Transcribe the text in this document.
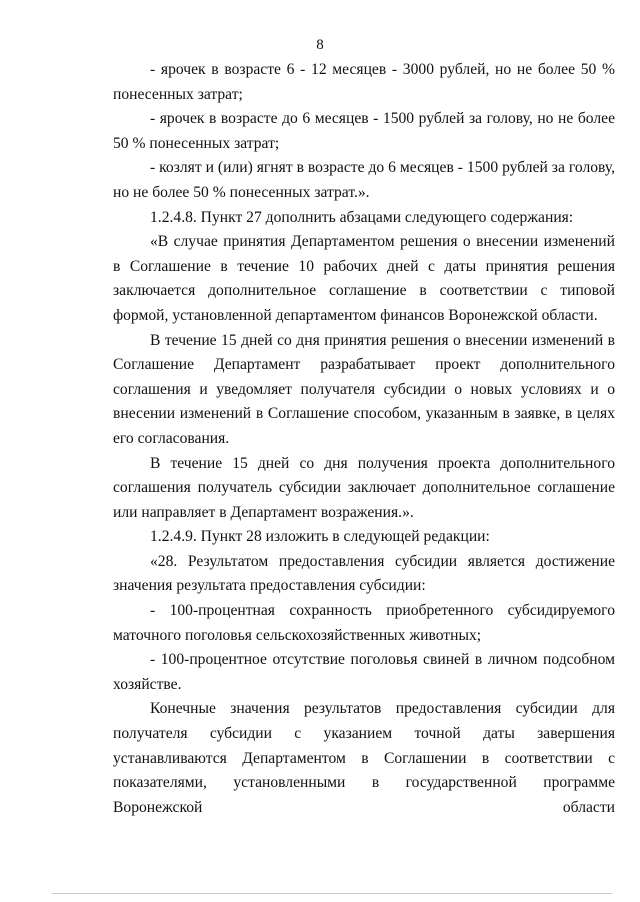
8

- ярочек в возрасте 6 - 12 месяцев - 3000 рублей, но не более 50 % понесенных затрат;

- ярочек в возрасте до 6 месяцев - 1500 рублей за голову, но не более 50 % понесенных затрат;

- козлят и (или) ягнят в возрасте до 6 месяцев - 1500 рублей за голову, но не более 50 % понесенных затрат.».

1.2.4.8. Пункт 27 дополнить абзацами следующего содержания:

«В случае принятия Департаментом решения о внесении изменений в Соглашение в течение 10 рабочих дней с даты принятия решения заключается дополнительное соглашение в соответствии с типовой формой, установленной департаментом финансов Воронежской области.

В течение 15 дней со дня принятия решения о внесении изменений в Соглашение Департамент разрабатывает проект дополнительного соглашения и уведомляет получателя субсидии о новых условиях и о внесении изменений в Соглашение способом, указанным в заявке, в целях его согласования.

В течение 15 дней со дня получения проекта дополнительного соглашения получатель субсидии заключает дополнительное соглашение или направляет в Департамент возражения.».

1.2.4.9. Пункт 28 изложить в следующей редакции:

«28. Результатом предоставления субсидии является достижение значения результата предоставления субсидии:

- 100-процентная сохранность приобретенного субсидируемого маточного поголовья сельскохозяйственных животных;

- 100-процентное отсутствие поголовья свиней в личном подсобном хозяйстве.

Конечные значения результатов предоставления субсидии для получателя субсидии с указанием точной даты завершения устанавливаются Департаментом в Соглашении в соответствии с показателями, установленными в государственной программе Воронежской области
